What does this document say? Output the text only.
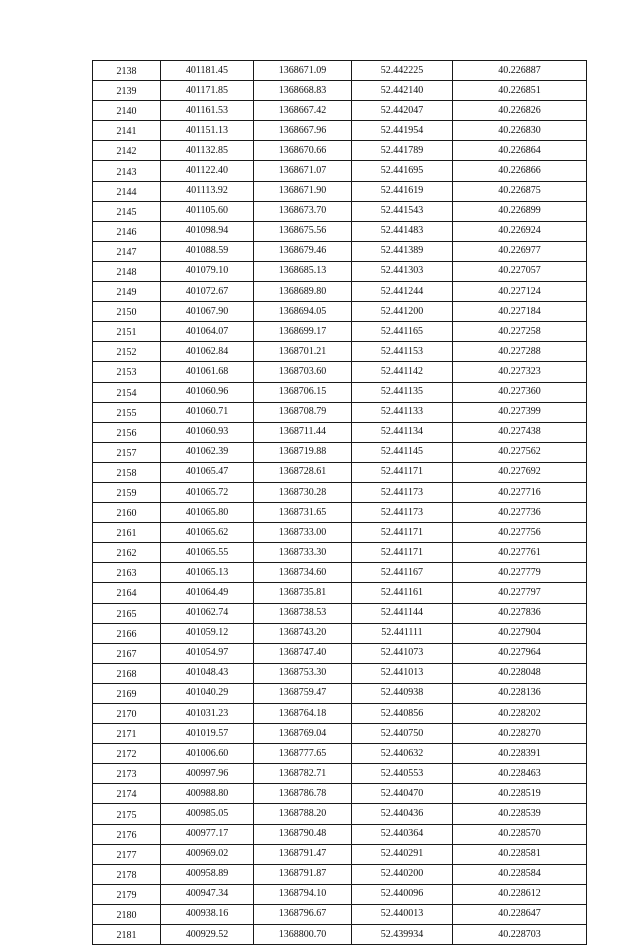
2138	401181.45	1368671.09	52.442225	40.226887
2139	401171.85	1368668.83	52.442140	40.226851
2140	401161.53	1368667.42	52.442047	40.226826
2141	401151.13	1368667.96	52.441954	40.226830
2142	401132.85	1368670.66	52.441789	40.226864
2143	401122.40	1368671.07	52.441695	40.226866
2144	401113.92	1368671.90	52.441619	40.226875
2145	401105.60	1368673.70	52.441543	40.226899
2146	401098.94	1368675.56	52.441483	40.226924
2147	401088.59	1368679.46	52.441389	40.226977
2148	401079.10	1368685.13	52.441303	40.227057
2149	401072.67	1368689.80	52.441244	40.227124
2150	401067.90	1368694.05	52.441200	40.227184
2151	401064.07	1368699.17	52.441165	40.227258
2152	401062.84	1368701.21	52.441153	40.227288
2153	401061.68	1368703.60	52.441142	40.227323
2154	401060.96	1368706.15	52.441135	40.227360
2155	401060.71	1368708.79	52.441133	40.227399
2156	401060.93	1368711.44	52.441134	40.227438
2157	401062.39	1368719.88	52.441145	40.227562
2158	401065.47	1368728.61	52.441171	40.227692
2159	401065.72	1368730.28	52.441173	40.227716
2160	401065.80	1368731.65	52.441173	40.227736
2161	401065.62	1368733.00	52.441171	40.227756
2162	401065.55	1368733.30	52.441171	40.227761
2163	401065.13	1368734.60	52.441167	40.227779
2164	401064.49	1368735.81	52.441161	40.227797
2165	401062.74	1368738.53	52.441144	40.227836
2166	401059.12	1368743.20	52.441111	40.227904
2167	401054.97	1368747.40	52.441073	40.227964
2168	401048.43	1368753.30	52.441013	40.228048
2169	401040.29	1368759.47	52.440938	40.228136
2170	401031.23	1368764.18	52.440856	40.228202
2171	401019.57	1368769.04	52.440750	40.228270
2172	401006.60	1368777.65	52.440632	40.228391
2173	400997.96	1368782.71	52.440553	40.228463
2174	400988.80	1368786.78	52.440470	40.228519
2175	400985.05	1368788.20	52.440436	40.228539
2176	400977.17	1368790.48	52.440364	40.228570
2177	400969.02	1368791.47	52.440291	40.228581
2178	400958.89	1368791.87	52.440200	40.228584
2179	400947.34	1368794.10	52.440096	40.228612
2180	400938.16	1368796.67	52.440013	40.228647
2181	400929.52	1368800.70	52.439934	40.228703
